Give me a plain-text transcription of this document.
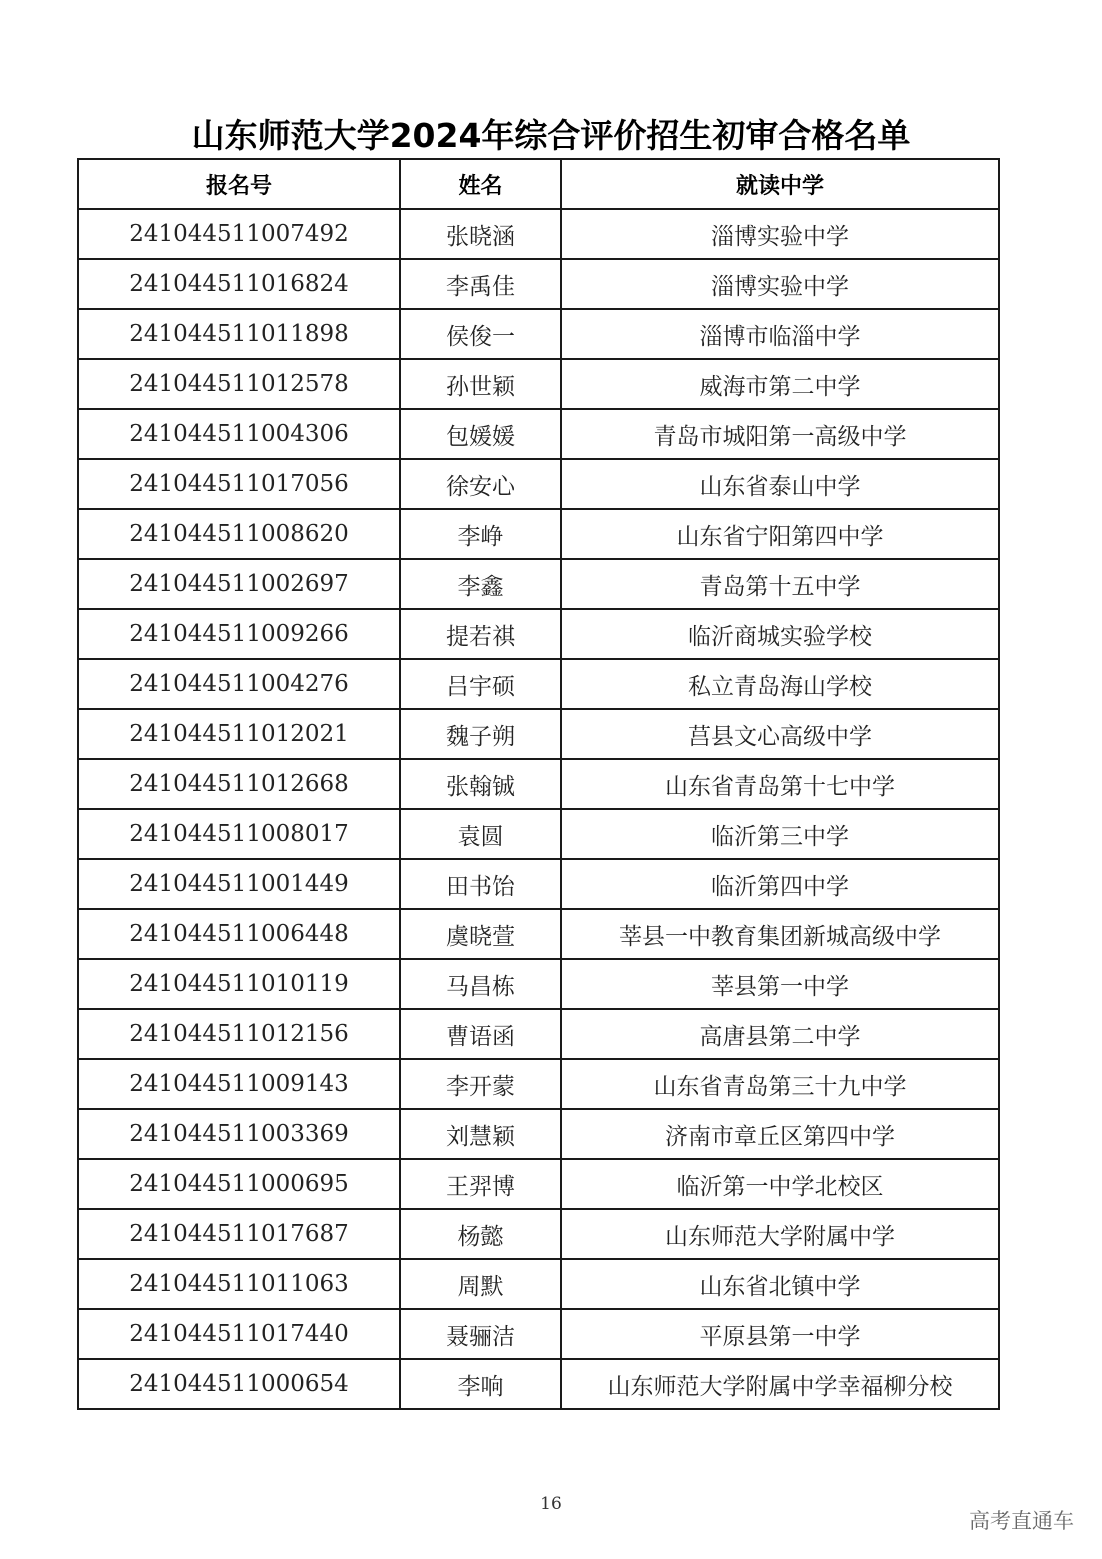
山东师范大学2024年综合评价招生初审合格名单
报名号	姓名	就读中学
241044511007492	张晓涵	淄博实验中学
241044511016824	李禹佳	淄博实验中学
241044511011898	侯俊一	淄博市临淄中学
241044511012578	孙世颖	威海市第二中学
241044511004306	包媛媛	青岛市城阳第一高级中学
241044511017056	徐安心	山东省泰山中学
241044511008620	李峥	山东省宁阳第四中学
241044511002697	李鑫	青岛第十五中学
241044511009266	提若祺	临沂商城实验学校
241044511004276	吕宇硕	私立青岛海山学校
241044511012021	魏子朔	莒县文心高级中学
241044511012668	张翰铖	山东省青岛第十七中学
241044511008017	袁圆	临沂第三中学
241044511001449	田书饴	临沂第四中学
241044511006448	虞晓萱	莘县一中教育集团新城高级中学
241044511010119	马昌栋	莘县第一中学
241044511012156	曹语函	高唐县第二中学
241044511009143	李开蒙	山东省青岛第三十九中学
241044511003369	刘慧颖	济南市章丘区第四中学
241044511000695	王羿博	临沂第一中学北校区
241044511017687	杨懿	山东师范大学附属中学
241044511011063	周默	山东省北镇中学
241044511017440	聂骊洁	平原县第一中学
241044511000654	李响	山东师范大学附属中学幸福柳分校
16
高考直通车
